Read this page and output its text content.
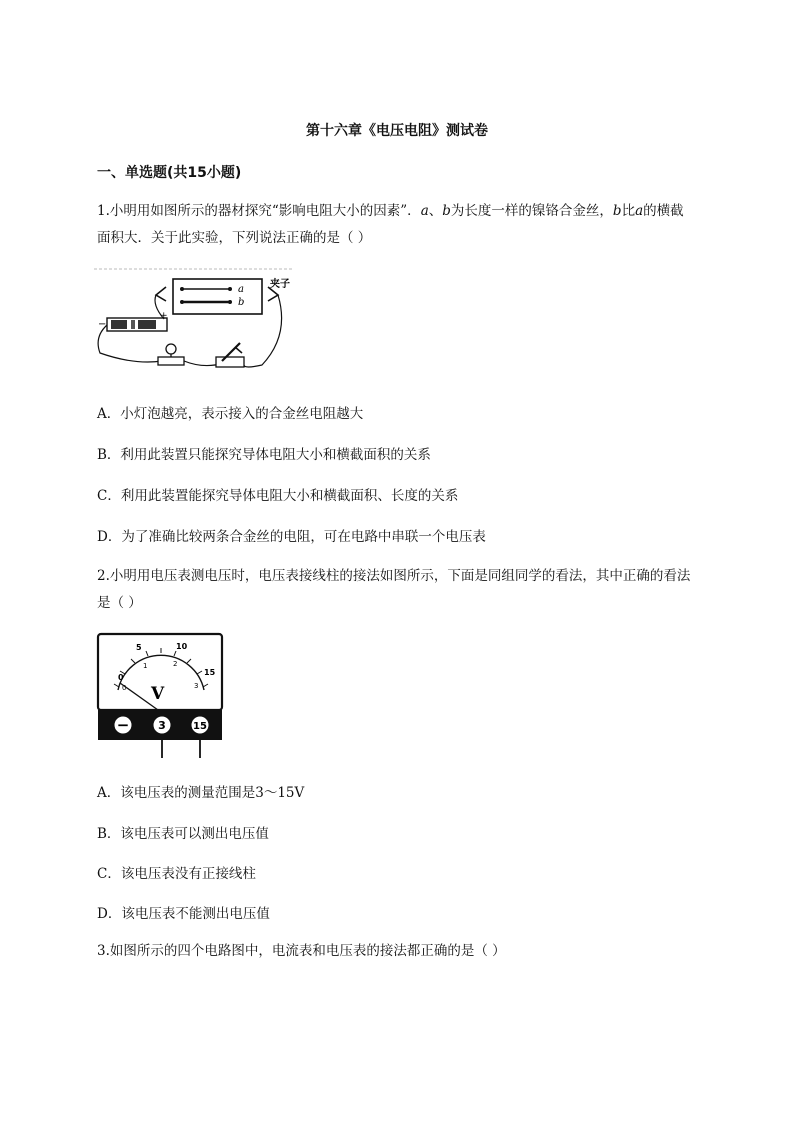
第十六章《电压电阻》测试卷
一、单选题(共15小题)
1.小明用如图所示的器材探究“影响电阻大小的因素”．a、b为长度一样的镍铬合金丝，b比a的横截面积大．关于此实验，下列说法正确的是（ ）
a
b
夹子
−
+
A．小灯泡越亮，表示接入的合金丝电阻越大
B．利用此装置只能探究导体电阻大小和横截面积的关系
C．利用此装置能探究导体电阻大小和横截面积、长度的关系
D．为了准确比较两条合金丝的电阻，可在电路中串联一个电压表
2.小明用电压表测电压时，电压表接线柱的接法如图所示，下面是同组同学的看法，其中正确的看法是（ ）
0
5	10
15
0
1	2
3
V
−	3	15
A．该电压表的测量范围是3～15V
B．该电压表可以测出电压值
C．该电压表没有正接线柱
D．该电压表不能测出电压值
3.如图所示的四个电路图中，电流表和电压表的接法都正确的是（ ）
